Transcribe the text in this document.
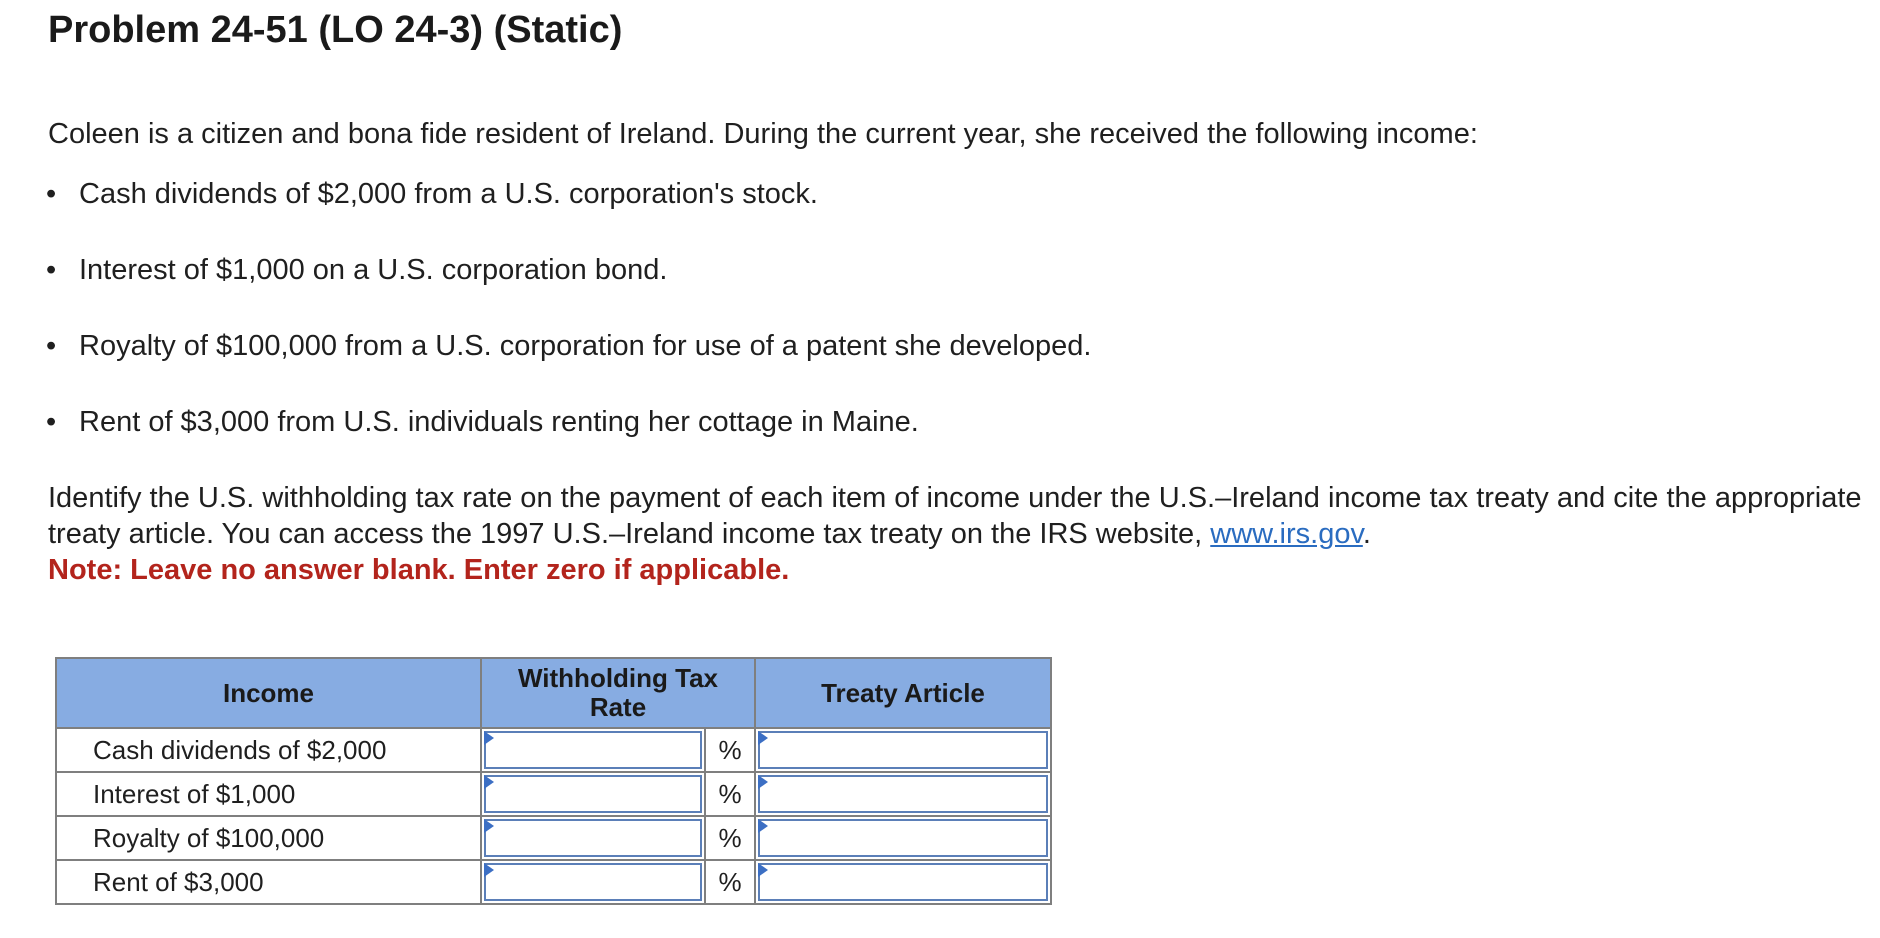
Problem 24-51 (LO 24-3) (Static)

Coleen is a citizen and bona fide resident of Ireland. During the current year, she received the following income:

• Cash dividends of $2,000 from a U.S. corporation's stock.
• Interest of $1,000 on a U.S. corporation bond.
• Royalty of $100,000 from a U.S. corporation for use of a patent she developed.
• Rent of $3,000 from U.S. individuals renting her cottage in Maine.

Identify the U.S. withholding tax rate on the payment of each item of income under the U.S.–Ireland income tax treaty and cite the appropriate treaty article. You can access the 1997 U.S.–Ireland income tax treaty on the IRS website, www.irs.gov.

Note: Leave no answer blank. Enter zero if applicable.

Income	Withholding Tax Rate		Treaty Article
Cash dividends of $2,000		%	

Interest of $1,000		%	

Royalty of $100,000		%	

Rent of $3,000		%	
